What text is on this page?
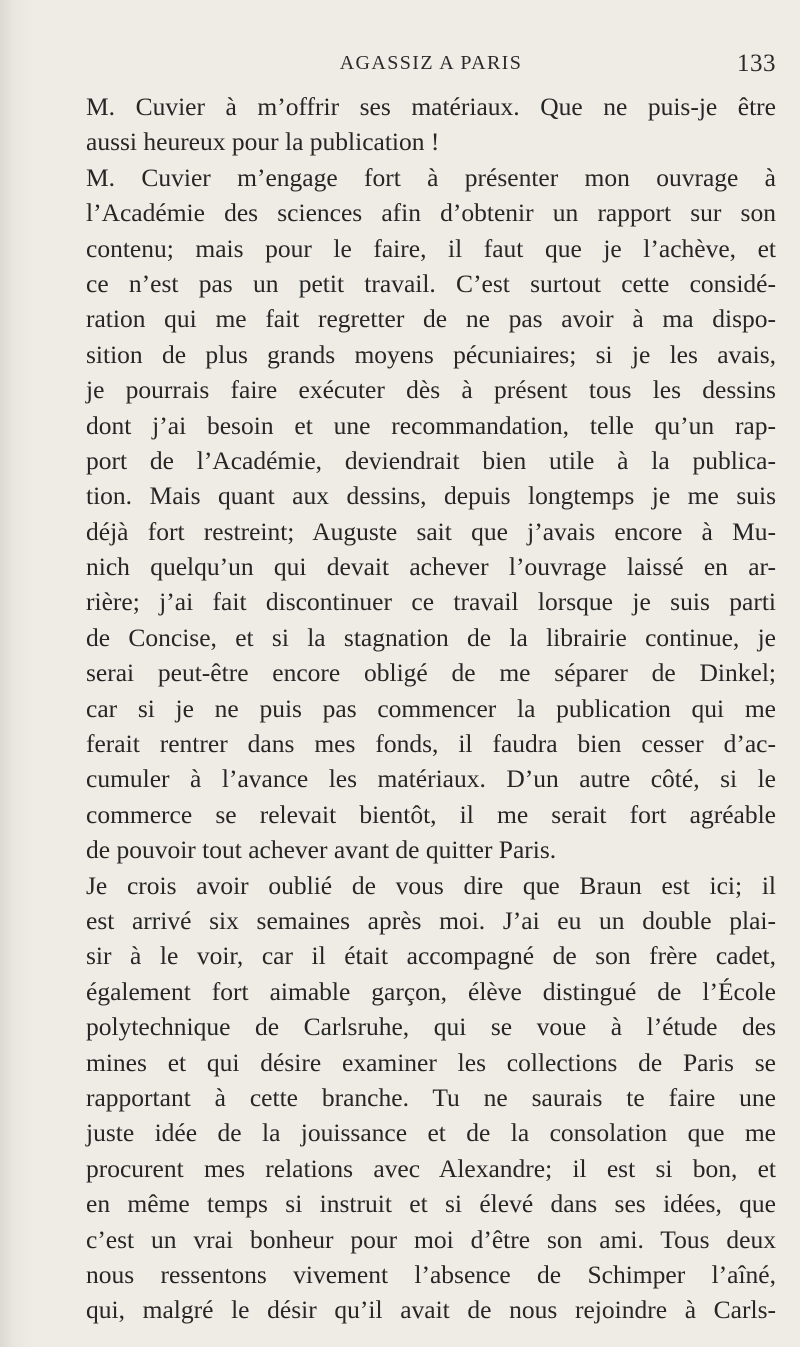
AGASSIZ A PARIS	133
M. Cuvier à m’offrir ses matériaux. Que ne puis-je être
aussi heureux pour la publication !
M. Cuvier m’engage fort à présenter mon ouvrage à
l’Académie des sciences afin d’obtenir un rapport sur son
contenu; mais pour le faire, il faut que je l’achève, et
ce n’est pas un petit travail. C’est surtout cette considé-
ration qui me fait regretter de ne pas avoir à ma dispo-
sition de plus grands moyens pécuniaires; si je les avais,
je pourrais faire exécuter dès à présent tous les dessins
dont j’ai besoin et une recommandation, telle qu’un rap-
port de l’Académie, deviendrait bien utile à la publica-
tion. Mais quant aux dessins, depuis longtemps je me suis
déjà fort restreint; Auguste sait que j’avais encore à Mu-
nich quelqu’un qui devait achever l’ouvrage laissé en ar-
rière; j’ai fait discontinuer ce travail lorsque je suis parti
de Concise, et si la stagnation de la librairie continue, je
serai peut-être encore obligé de me séparer de Dinkel;
car si je ne puis pas commencer la publication qui me
ferait rentrer dans mes fonds, il faudra bien cesser d’ac-
cumuler à l’avance les matériaux. D’un autre côté, si le
commerce se relevait bientôt, il me serait fort agréable
de pouvoir tout achever avant de quitter Paris.
Je crois avoir oublié de vous dire que Braun est ici; il
est arrivé six semaines après moi. J’ai eu un double plai-
sir à le voir, car il était accompagné de son frère cadet,
également fort aimable garçon, élève distingué de l’École
polytechnique de Carlsruhe, qui se voue à l’étude des
mines et qui désire examiner les collections de Paris se
rapportant à cette branche. Tu ne saurais te faire une
juste idée de la jouissance et de la consolation que me
procurent mes relations avec Alexandre; il est si bon, et
en même temps si instruit et si élevé dans ses idées, que
c’est un vrai bonheur pour moi d’être son ami. Tous deux
nous ressentons vivement l’absence de Schimper l’aîné,
qui, malgré le désir qu’il avait de nous rejoindre à Carls-
